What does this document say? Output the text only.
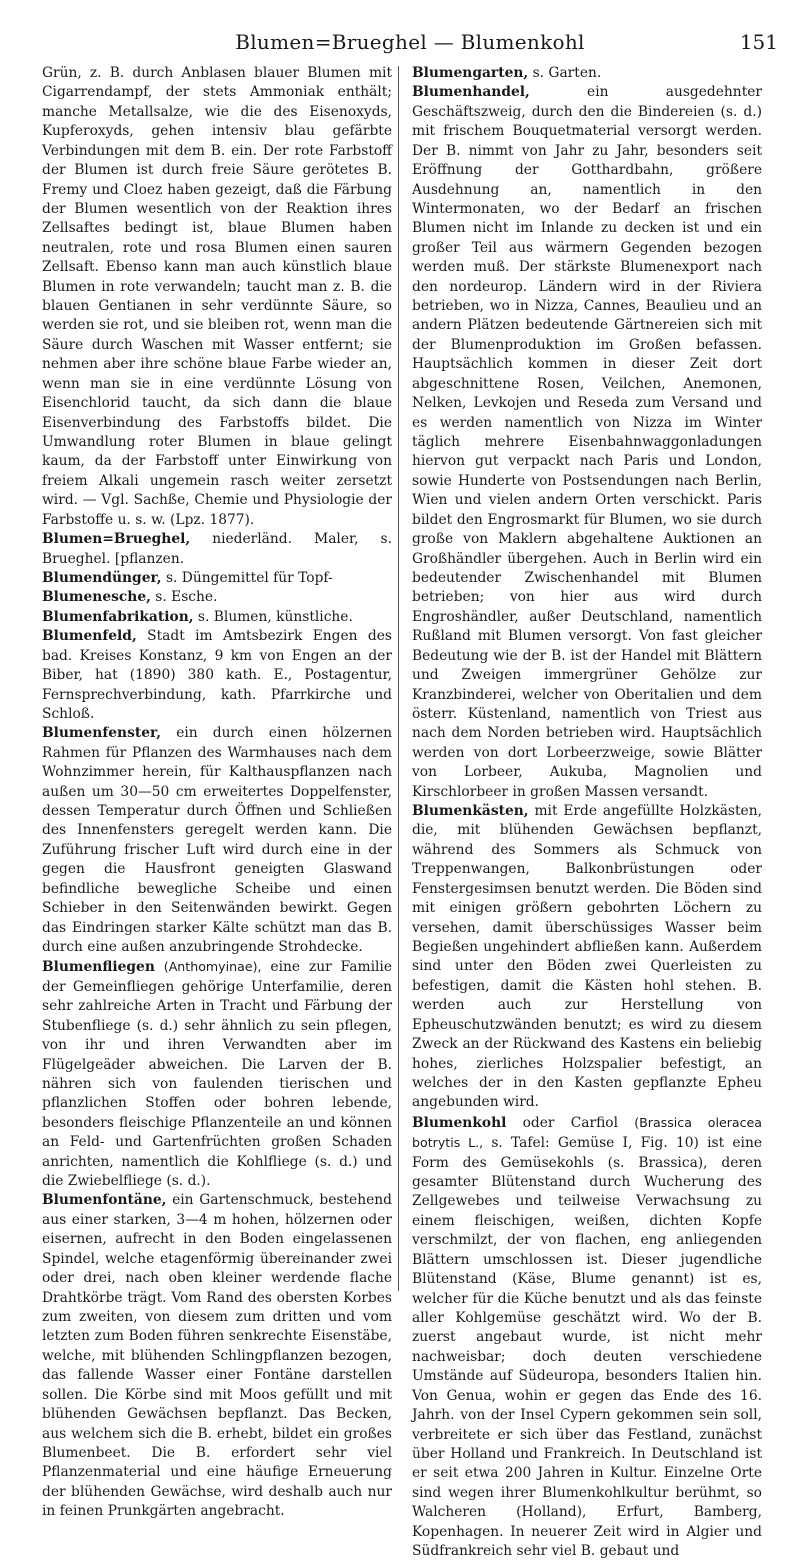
Blumen=Brueghel — Blumenkohl	151

Grün, z. B. durch Anblasen blauer Blumen mit Cigarrendampf, der stets Ammoniak enthält; manche Metallsalze, wie die des Eisenoxyds, Kupferoxyds, gehen intensiv blau gefärbte Verbindungen mit dem B. ein. Der rote Farbstoff der Blumen ist durch freie Säure gerötetes B. Fremy und Cloez haben gezeigt, daß die Färbung der Blumen wesentlich von der Reaktion ihres Zellsaftes bedingt ist, blaue Blumen haben neutralen, rote und rosa Blumen einen sauren Zellsaft. Ebenso kann man auch künstlich blaue Blumen in rote verwandeln; taucht man z. B. die blauen Gentianen in sehr verdünnte Säure, so werden sie rot, und sie bleiben rot, wenn man die Säure durch Waschen mit Wasser entfernt; sie nehmen aber ihre schöne blaue Farbe wieder an, wenn man sie in eine verdünnte Lösung von Eisenchlorid taucht, da sich dann die blaue Eisenverbindung des Farbstoffs bildet. Die Umwandlung roter Blumen in blaue gelingt kaum, da der Farbstoff unter Einwirkung von freiem Alkali ungemein rasch weiter zersetzt wird. — Vgl. Sachße, Chemie und Physiologie der Farbstoffe u. s. w. (Lpz. 1877).

Blumen=Brueghel, niederländ. Maler, s. Brueghel. [pflanzen.

Blumendünger, s. Düngemittel für Topf-

Blumenesche, s. Esche.

Blumenfabrikation, s. Blumen, künstliche.

Blumenfeld, Stadt im Amtsbezirk Engen des bad. Kreises Konstanz, 9 km von Engen an der Biber, hat (1890) 380 kath. E., Postagentur, Fernsprechverbindung, kath. Pfarrkirche und Schloß.

Blumenfenster, ein durch einen hölzernen Rahmen für Pflanzen des Warmhauses nach dem Wohnzimmer herein, für Kalthauspflanzen nach außen um 30—50 cm erweitertes Doppelfenster, dessen Temperatur durch Öffnen und Schließen des Innenfensters geregelt werden kann. Die Zuführung frischer Luft wird durch eine in der gegen die Hausfront geneigten Glaswand befindliche bewegliche Scheibe und einen Schieber in den Seitenwänden bewirkt. Gegen das Eindringen starker Kälte schützt man das B. durch eine außen anzubringende Strohdecke.

Blumenfliegen (Anthomyinae), eine zur Familie der Gemeinfliegen gehörige Unterfamilie, deren sehr zahlreiche Arten in Tracht und Färbung der Stubenfliege (s. d.) sehr ähnlich zu sein pflegen, von ihr und ihren Verwandten aber im Flügelgeäder abweichen. Die Larven der B. nähren sich von faulenden tierischen und pflanzlichen Stoffen oder bohren lebende, besonders fleischige Pflanzenteile an und können an Feld- und Gartenfrüchten großen Schaden anrichten, namentlich die Kohlfliege (s. d.) und die Zwiebelfliege (s. d.).

Blumenfontäne, ein Gartenschmuck, bestehend aus einer starken, 3—4 m hohen, hölzernen oder eisernen, aufrecht in den Boden eingelassenen Spindel, welche etagenförmig übereinander zwei oder drei, nach oben kleiner werdende flache Drahtkörbe trägt. Vom Rand des obersten Korbes zum zweiten, von diesem zum dritten und vom letzten zum Boden führen senkrechte Eisenstäbe, welche, mit blühenden Schlingpflanzen bezogen, das fallende Wasser einer Fontäne darstellen sollen. Die Körbe sind mit Moos gefüllt und mit blühenden Gewächsen bepflanzt. Das Becken, aus welchem sich die B. erhebt, bildet ein großes Blumenbeet. Die B. erfordert sehr viel Pflanzenmaterial und eine häufige Erneuerung der blühenden Gewächse, wird deshalb auch nur in feinen Prunkgärten angebracht.

Blumengarten, s. Garten.

Blumenhandel,	ein ausgedehnter Geschäftszweig, durch den die Bindereien (s. d.) mit frischem Bouquetmaterial versorgt werden. Der B. nimmt von Jahr zu Jahr, besonders seit Eröffnung der Gotthardbahn, größere Ausdehnung an, namentlich in den Wintermonaten, wo der Bedarf an frischen Blumen nicht im Inlande zu decken ist und ein großer Teil aus wärmern Gegenden bezogen werden muß. Der stärkste Blumenexport nach den nordeurop. Ländern wird in der Riviera betrieben, wo in Nizza, Cannes, Beaulieu und an andern Plätzen bedeutende Gärtnereien sich mit der Blumenproduktion im Großen befassen. Hauptsächlich kommen in dieser Zeit dort abgeschnittene Rosen, Veilchen, Anemonen, Nelken, Levkojen und Reseda zum Versand und es werden namentlich von Nizza im Winter täglich mehrere Eisenbahnwaggonladungen hiervon gut verpackt nach Paris und London, sowie Hunderte von Postsendungen nach Berlin, Wien und vielen andern Orten verschickt. Paris bildet den Engrosmarkt für Blumen, wo sie durch große von Maklern abgehaltene Auktionen an Großhändler übergehen. Auch in Berlin wird ein bedeutender Zwischenhandel mit Blumen betrieben; von hier aus wird durch Engroshändler, außer Deutschland, namentlich Rußland mit Blumen versorgt. Von fast gleicher Bedeutung wie der B. ist der Handel mit Blättern und Zweigen immergrüner Gehölze zur Kranzbinderei, welcher von Oberitalien und dem österr. Küstenland, namentlich von Triest aus nach dem Norden betrieben wird. Hauptsächlich werden von dort Lorbeerzweige, sowie Blätter von Lorbeer, Aukuba, Magnolien und Kirschlorbeer in großen Massen versandt.

Blumenkästen, mit Erde angefüllte Holzkästen, die, mit blühenden Gewächsen bepflanzt, während des Sommers als Schmuck von Treppenwangen, Balkonbrüstungen oder Fenstergesimsen benutzt werden. Die Böden sind mit einigen größern gebohrten Löchern zu versehen, damit überschüssiges Wasser beim Begießen ungehindert abfließen kann. Außerdem sind unter den Böden zwei Querleisten zu befestigen, damit die Kästen hohl stehen. B. werden auch zur Herstellung von Epheuschutzwänden benutzt; es wird zu diesem Zweck an der Rückwand des Kastens ein beliebig hohes, zierliches Holzspalier befestigt, an welches der in den Kasten gepflanzte Epheu angebunden wird.

Blumenkohl oder Carfiol (Brassica oleracea botrytis L., s. Tafel: Gemüse I, Fig. 10) ist eine Form des Gemüsekohls (s. Brassica), deren gesamter Blütenstand durch Wucherung des Zellgewebes und teilweise Verwachsung zu einem fleischigen, weißen, dichten Kopfe verschmilzt, der von flachen, eng anliegenden Blättern umschlossen ist. Dieser jugendliche Blütenstand (Käse, Blume genannt) ist es, welcher für die Küche benutzt und als das feinste aller Kohlgemüse geschätzt wird. Wo der B. zuerst angebaut wurde, ist nicht mehr nachweisbar; doch deuten verschiedene Umstände auf Südeuropa, besonders Italien hin. Von Genua, wohin er gegen das Ende des 16. Jahrh. von der Insel Cypern gekommen sein soll, verbreitete er sich über das Festland, zunächst über Holland und Frankreich. In Deutschland ist er seit etwa 200 Jahren in Kultur. Einzelne Orte sind wegen ihrer Blumenkohlkultur berühmt, so Walcheren (Holland), Erfurt, Bamberg, Kopenhagen. In neuerer Zeit wird in Algier und Südfrankreich sehr viel B. gebaut und
